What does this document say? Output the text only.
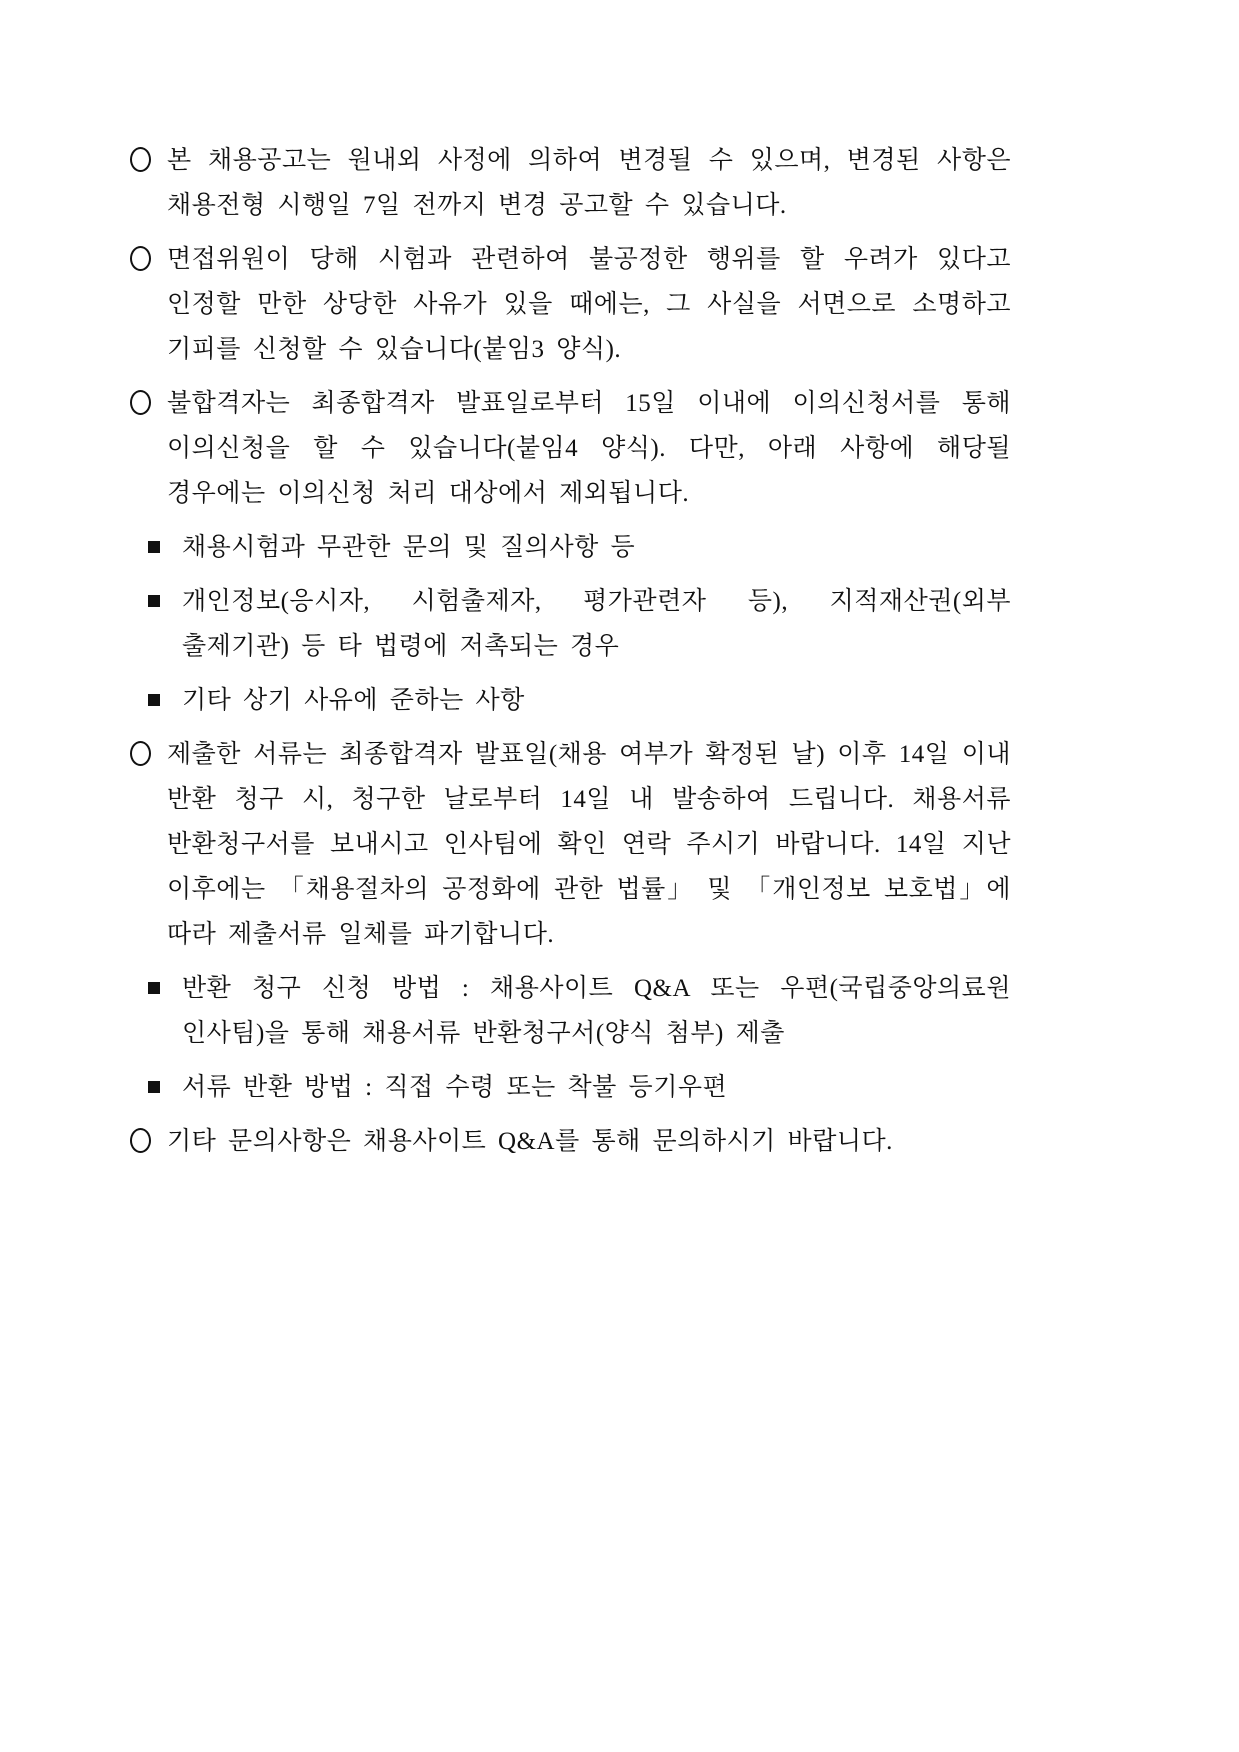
본 채용공고는 원내외 사정에 의하여 변경될 수 있으며, 변경된 사항은 채용전형 시행일 7일 전까지 변경 공고할 수 있습니다.

면접위원이 당해 시험과 관련하여 불공정한 행위를 할 우려가 있다고 인정할 만한 상당한 사유가 있을 때에는, 그 사실을 서면으로 소명하고 기피를 신청할 수 있습니다(붙임3 양식).

불합격자는 최종합격자 발표일로부터 15일 이내에 이의신청서를 통해 이의신청을 할 수 있습니다(붙임4 양식). 다만, 아래 사항에 해당될 경우에는 이의신청 처리 대상에서 제외됩니다.

채용시험과 무관한 문의 및 질의사항 등

개인정보(응시자, 시험출제자, 평가관련자 등), 지적재산권(외부 출제기관) 등 타 법령에 저촉되는 경우

기타 상기 사유에 준하는 사항

제출한 서류는 최종합격자 발표일(채용 여부가 확정된 날) 이후 14일 이내 반환 청구 시, 청구한 날로부터 14일 내 발송하여 드립니다. 채용서류 반환청구서를 보내시고 인사팀에 확인 연락 주시기 바랍니다. 14일 지난 이후에는 「채용절차의 공정화에 관한 법률」 및 「개인정보 보호법」에 따라 제출서류 일체를 파기합니다.

반환 청구 신청 방법 : 채용사이트 Q&A 또는 우편(국립중앙의료원 인사팀)을 통해 채용서류 반환청구서(양식 첨부) 제출

서류 반환 방법 : 직접 수령 또는 착불 등기우편

기타 문의사항은 채용사이트 Q&A를 통해 문의하시기 바랍니다.
